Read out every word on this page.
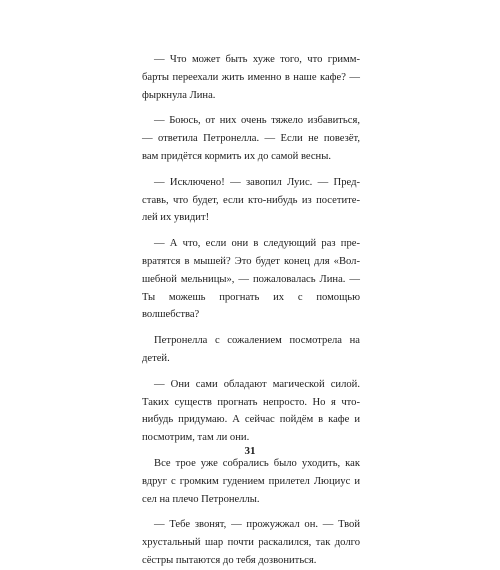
— Что может быть хуже того, что гриммбарты переехали жить именно в наше кафе? — фыркнула Лина.

— Боюсь, от них очень тяжело избавиться, — ответила Петронелла. — Если не повезёт, вам придётся кормить их до самой весны.

— Исключено! — завопил Луис. — Представь, что будет, если кто-нибудь из посетителей их увидит!

— А что, если они в следующий раз превратятся в мышей? Это будет конец для «Волшебной мельницы», — пожаловалась Лина. — Ты можешь прогнать их с помощью волшебства?

Петронелла с сожалением посмотрела на детей.

— Они сами обладают магической силой. Таких существ прогнать непросто. Но я чтонибудь придумаю. А сейчас пойдём в кафе и посмотрим, там ли они.

Все трое уже собрались было уходить, как вдруг с громким гудением прилетел Люциус и сел на плечо Петронеллы.

— Тебе звонят, — прожужжал он. — Твой хрустальный шар почти раскалился, так долго сёстры пытаются до тебя дозвониться.

31
